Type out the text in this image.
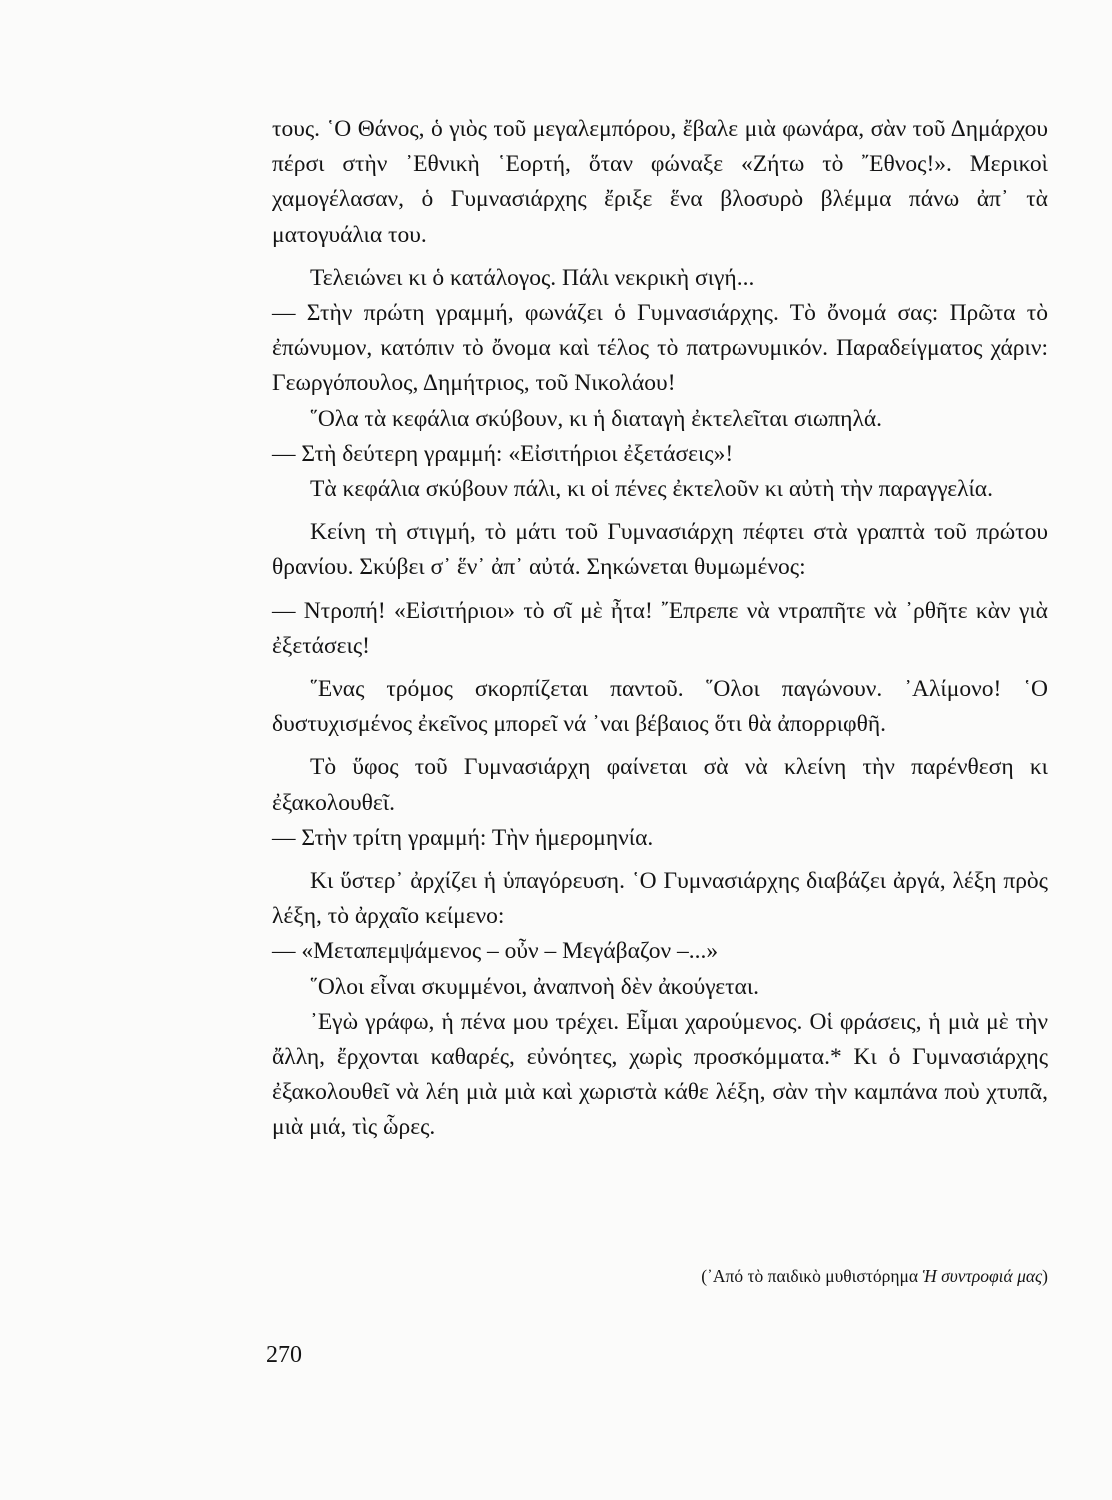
τους. ῾Ο Θάνος, ὁ γιὸς τοῦ μεγαλεμπόρου, ἔβαλε μιὰ φωνάρα, σὰν τοῦ Δημάρχου πέρσι στὴν ᾿Εθνικὴ ῾Εορτή, ὅταν φώναξε «Ζήτω τὸ ῎Εθνος!». Μερικοὶ χαμογέλασαν, ὁ Γυμνασιάρχης ἔριξε ἕνα βλοσυρὸ βλέμμα πάνω ἀπ᾿ τὰ ματογυάλια του.

Τελειώνει κι ὁ κατάλογος. Πάλι νεκρικὴ σιγή...

— Στὴν πρώτη γραμμή, φωνάζει ὁ Γυμνασιάρχης. Τὸ ὄνομά σας: Πρῶτα τὸ ἐπώνυμον, κατόπιν τὸ ὄνομα καὶ τέλος τὸ πατρωνυμικόν. Παραδείγματος χάριν: Γεωργόπουλος, Δημήτριος, τοῦ Νικολάου!

῞Ολα τὰ κεφάλια σκύβουν, κι ἡ διαταγὴ ἐκτελεῖται σιωπηλά.

— Στὴ δεύτερη γραμμή: «Εἰσιτήριοι ἐξετάσεις»!

Τὰ κεφάλια σκύβουν πάλι, κι οἱ πένες ἐκτελοῦν κι αὐτὴ τὴν παραγγελία.

Κείνη τὴ στιγμή, τὸ μάτι τοῦ Γυμνασιάρχη πέφτει στὰ γραπτὰ τοῦ πρώτου θρανίου. Σκύβει σ᾿ ἕν᾿ ἀπ᾿ αὐτά. Σηκώνεται θυμωμένος:

— Ντροπή! «Εἰσιτήριοι» τὸ σῖ μὲ ἦτα! ῎Επρεπε νὰ ντραπῆτε νὰ ᾿ρθῆτε κὰν γιὰ ἐξετάσεις!

῞Ενας τρόμος σκορπίζεται παντοῦ. ῞Ολοι παγώνουν. ᾿Αλίμονο! ῾Ο δυστυχισμένος ἐκεῖνος μπορεῖ νά ᾿ναι βέβαιος ὅτι θὰ ἀπορριφθῆ.

Τὸ ὕφος τοῦ Γυμνασιάρχη φαίνεται σὰ νὰ κλείνη τὴν παρένθεση κι ἐξακολουθεῖ.

— Στὴν τρίτη γραμμή: Τὴν ἡμερομηνία.

Κι ὕστερ᾿ ἀρχίζει ἡ ὑπαγόρευση. ῾Ο Γυμνασιάρχης διαβάζει ἀργά, λέξη πρὸς λέξη, τὸ ἀρχαῖο κείμενο:

— «Μεταπεμψάμενος – οὖν – Μεγάβαζον –...»

῞Ολοι εἶναι σκυμμένοι, ἀναπνοὴ δὲν ἀκούγεται.

᾿Εγὼ γράφω, ἡ πένα μου τρέχει. Εἶμαι χαρούμενος. Οἱ φράσεις, ἡ μιὰ μὲ τὴν ἄλλη, ἔρχονται καθαρές, εὐνόητες, χωρὶς προσκόμματα.* Κι ὁ Γυμνασιάρχης ἐξακολουθεῖ νὰ λέη μιὰ μιὰ καὶ χωριστὰ κάθε λέξη, σὰν τὴν καμπάνα ποὺ χτυπᾶ, μιὰ μιά, τὶς ὧρες.

(᾿Από τὸ παιδικὸ μυθιστόρημα Ἡ συντροφιά μας)
270
